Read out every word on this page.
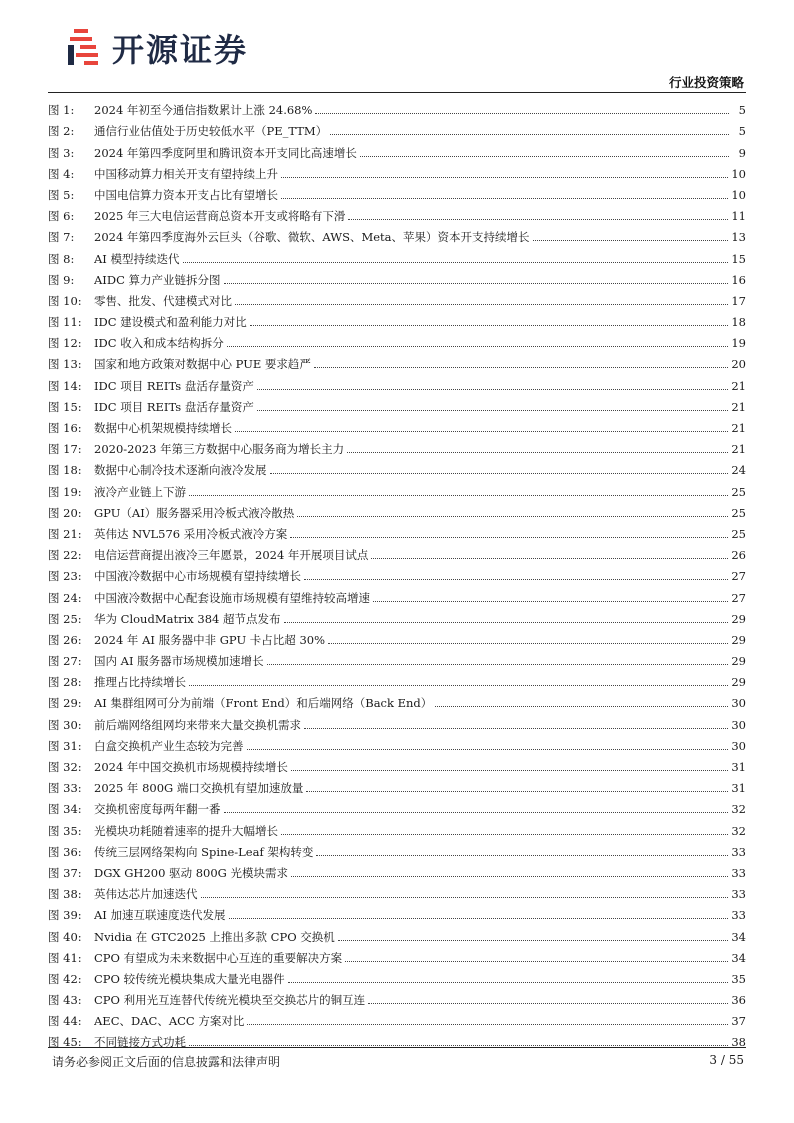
开源证券
行业投资策略
图 1:	2024 年初至今通信指数累计上涨 24.68%	5
图 2:	通信行业估值处于历史较低水平（PE_TTM）	5
图 3:	2024 年第四季度阿里和腾讯资本开支同比高速增长	9
图 4:	中国移动算力相关开支有望持续上升	10
图 5:	中国电信算力资本开支占比有望增长	10
图 6:	2025 年三大电信运营商总资本开支或将略有下滑	11
图 7:	2024 年第四季度海外云巨头（谷歌、微软、AWS、Meta、苹果）资本开支持续增长	13
图 8:	AI 模型持续迭代	15
图 9:	AIDC 算力产业链拆分图	16
图 10:	零售、批发、代建模式对比	17
图 11:	IDC 建设模式和盈利能力对比	18
图 12:	IDC 收入和成本结构拆分	19
图 13:	国家和地方政策对数据中心 PUE 要求趋严	20
图 14:	IDC 项目 REITs 盘活存量资产	21
图 15:	IDC 项目 REITs 盘活存量资产	21
图 16:	数据中心机架规模持续增长	21
图 17:	2020-2023 年第三方数据中心服务商为增长主力	21
图 18:	数据中心制冷技术逐渐向液冷发展	24
图 19:	液冷产业链上下游	25
图 20:	GPU（AI）服务器采用冷板式液冷散热	25
图 21:	英伟达 NVL576 采用冷板式液冷方案	25
图 22:	电信运营商提出液冷三年愿景，2024 年开展项目试点	26
图 23:	中国液冷数据中心市场规模有望持续增长	27
图 24:	中国液冷数据中心配套设施市场规模有望维持较高增速	27
图 25:	华为 CloudMatrix 384 超节点发布	29
图 26:	2024 年 AI 服务器中非 GPU 卡占比超 30%	29
图 27:	国内 AI 服务器市场规模加速增长	29
图 28:	推理占比持续增长	29
图 29:	AI 集群组网可分为前端（Front End）和后端网络（Back End）	30
图 30:	前后端网络组网均来带来大量交换机需求	30
图 31:	白盒交换机产业生态较为完善	30
图 32:	2024 年中国交换机市场规模持续增长	31
图 33:	2025 年 800G 端口交换机有望加速放量	31
图 34:	交换机密度每两年翻一番	32
图 35:	光模块功耗随着速率的提升大幅增长	32
图 36:	传统三层网络架构向 Spine-Leaf 架构转变	33
图 37:	DGX GH200 驱动 800G 光模块需求	33
图 38:	英伟达芯片加速迭代	33
图 39:	AI 加速互联速度迭代发展	33
图 40:	Nvidia 在 GTC2025 上推出多款 CPO 交换机	34
图 41:	CPO 有望成为未来数据中心互连的重要解决方案	34
图 42:	CPO 较传统光模块集成大量光电器件	35
图 43:	CPO 利用光互连替代传统光模块至交换芯片的铜互连	36
图 44:	AEC、DAC、ACC 方案对比	37
图 45:	不同链接方式功耗	38
请务必参阅正文后面的信息披露和法律声明	3 / 55
